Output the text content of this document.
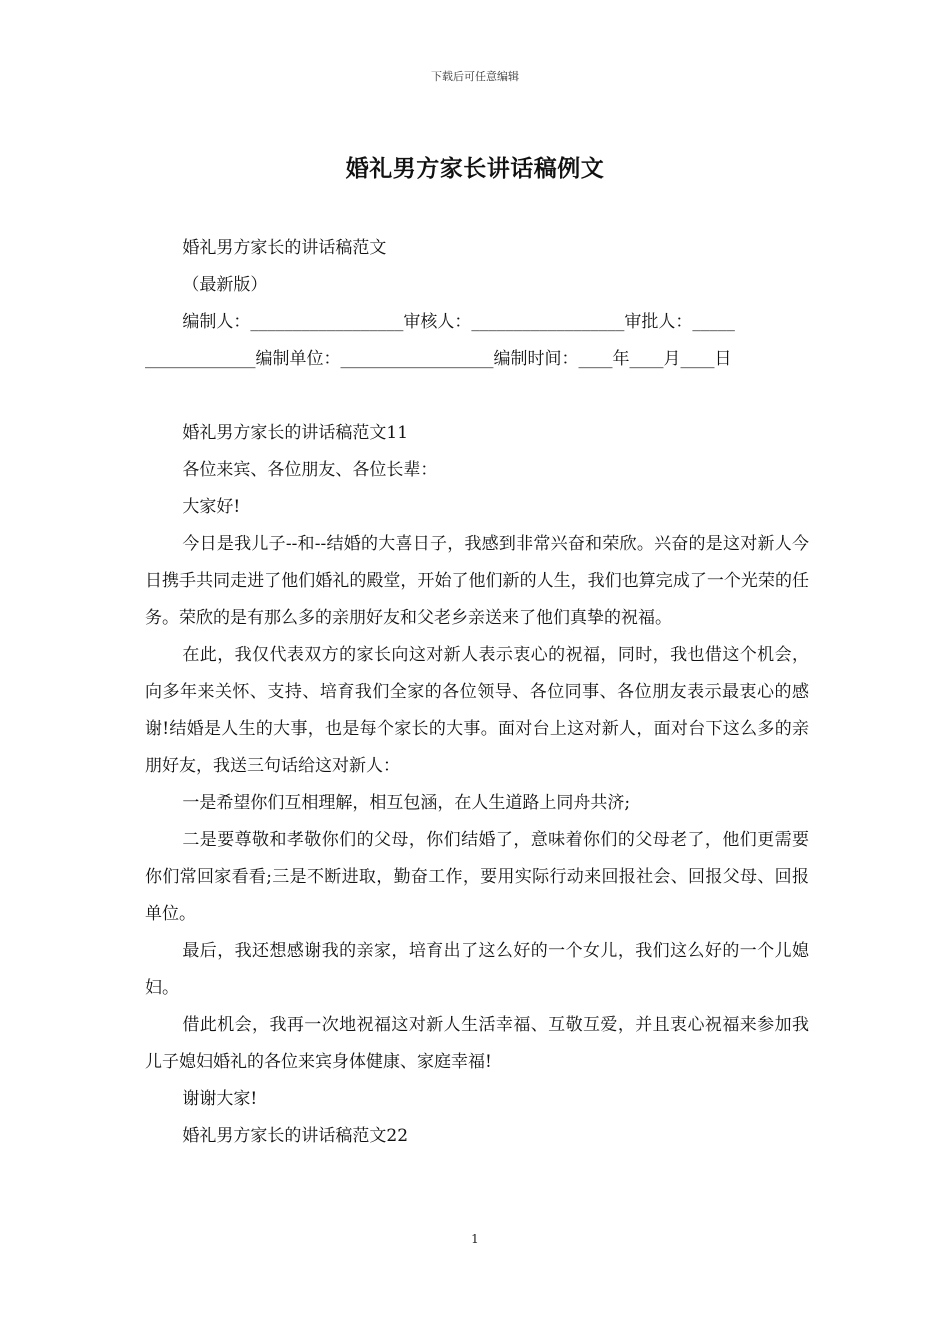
下载后可任意编辑
婚礼男方家长讲话稿例文

婚礼男方家长的讲话稿范文

（最新版）

编制人：__________________审核人：__________________审批人：_____

_____________编制单位：__________________编制时间：____年____月____日

婚礼男方家长的讲话稿范文11

各位来宾、各位朋友、各位长辈：

大家好!

今日是我儿子--和--结婚的大喜日子，我感到非常兴奋和荣欣。兴奋的是这对新人今日携手共同走进了他们婚礼的殿堂，开始了他们新的人生，我们也算完成了一个光荣的任务。荣欣的是有那么多的亲朋好友和父老乡亲送来了他们真挚的祝福。

在此，我仅代表双方的家长向这对新人表示衷心的祝福，同时，我也借这个机会，向多年来关怀、支持、培育我们全家的各位领导、各位同事、各位朋友表示最衷心的感谢!结婚是人生的大事，也是每个家长的大事。面对台上这对新人，面对台下这么多的亲朋好友，我送三句话给这对新人：

一是希望你们互相理解，相互包涵，在人生道路上同舟共济;

二是要尊敬和孝敬你们的父母，你们结婚了，意味着你们的父母老了，他们更需要你们常回家看看;三是不断进取，勤奋工作，要用实际行动来回报社会、回报父母、回报单位。

最后，我还想感谢我的亲家，培育出了这么好的一个女儿，我们这么好的一个儿媳妇。

借此机会，我再一次地祝福这对新人生活幸福、互敬互爱，并且衷心祝福来参加我儿子媳妇婚礼的各位来宾身体健康、家庭幸福!

谢谢大家!

婚礼男方家长的讲话稿范文22

1
